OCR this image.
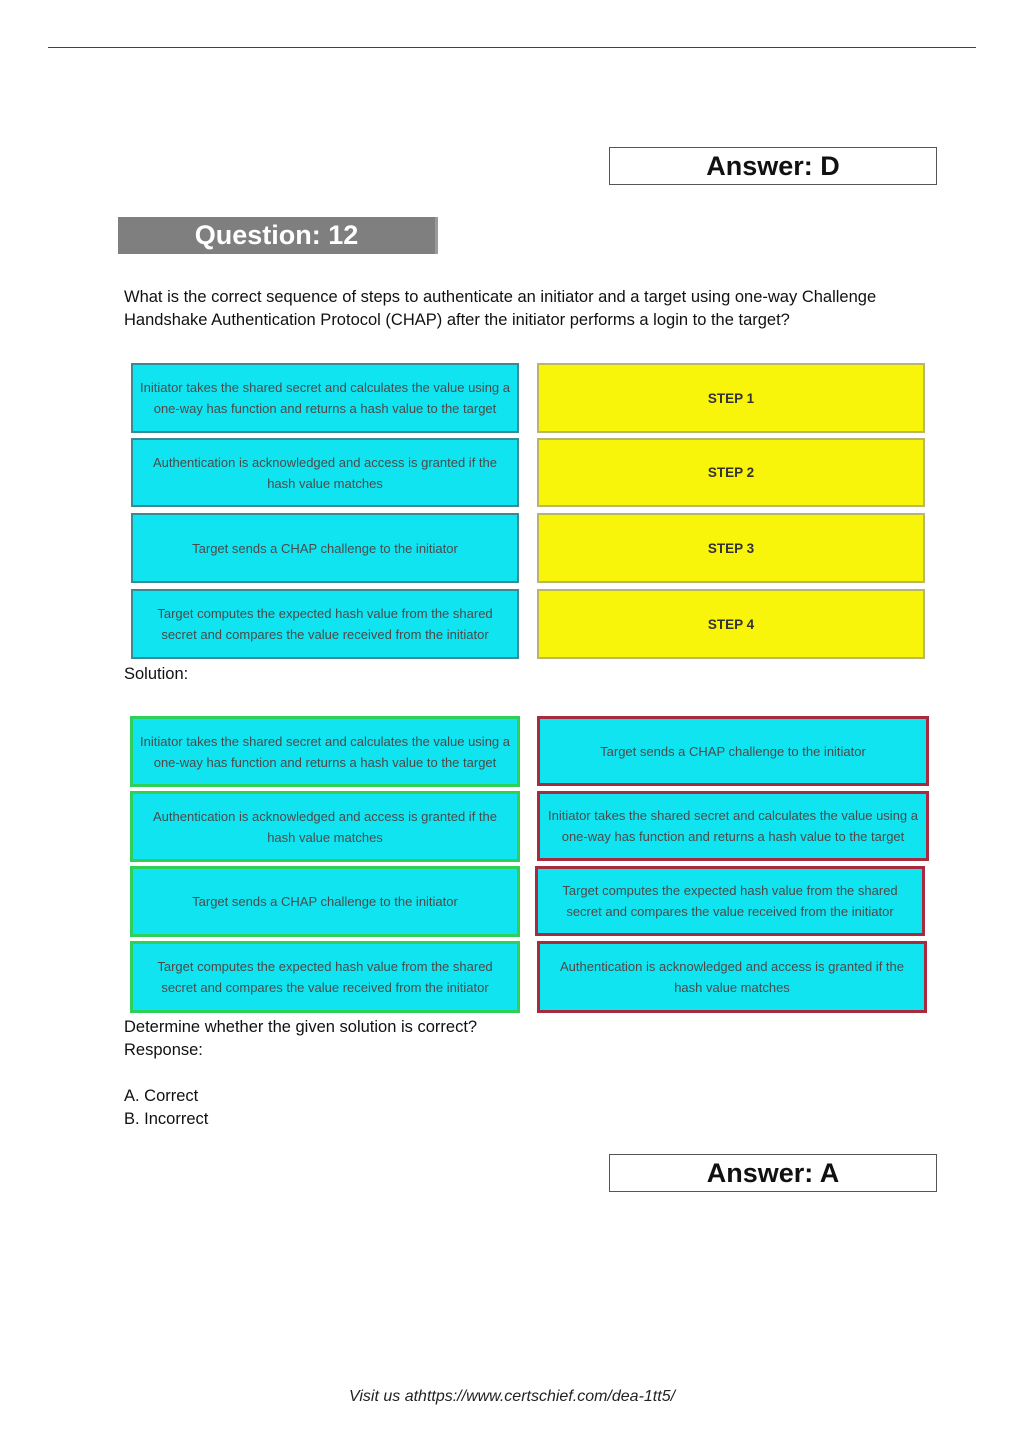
Answer: D
Question: 12
What is the correct sequence of steps to authenticate an initiator and a target using one-way Challenge Handshake Authentication Protocol (CHAP) after the initiator performs a login to the target?
Initiator takes the shared secret and calculates the value using a one-way has function and returns a hash value to the target
Authentication is acknowledged and access is granted if the hash value matches
Target sends a CHAP challenge to the initiator
Target computes the expected hash value from the shared secret and compares the value received from the initiator
STEP 1
STEP 2
STEP 3
STEP 4
Solution:
Initiator takes the shared secret and calculates the value using a one-way has function and returns a hash value to the target
Authentication is acknowledged and access is granted if the hash value matches
Target sends a CHAP challenge to the initiator
Target computes the expected hash value from the shared secret and compares the value received from the initiator
Target sends a CHAP challenge to the initiator
Initiator takes the shared secret and calculates the value using a one-way has function and returns a hash value to the target
Target computes the expected hash value from the shared secret and compares the value received from the initiator
Authentication is acknowledged and access is granted if the hash value matches
Determine whether the given solution is correct?
Response:
A. Correct
B. Incorrect
Answer: A
Visit us athttps://www.certschief.com/dea-1tt5/
